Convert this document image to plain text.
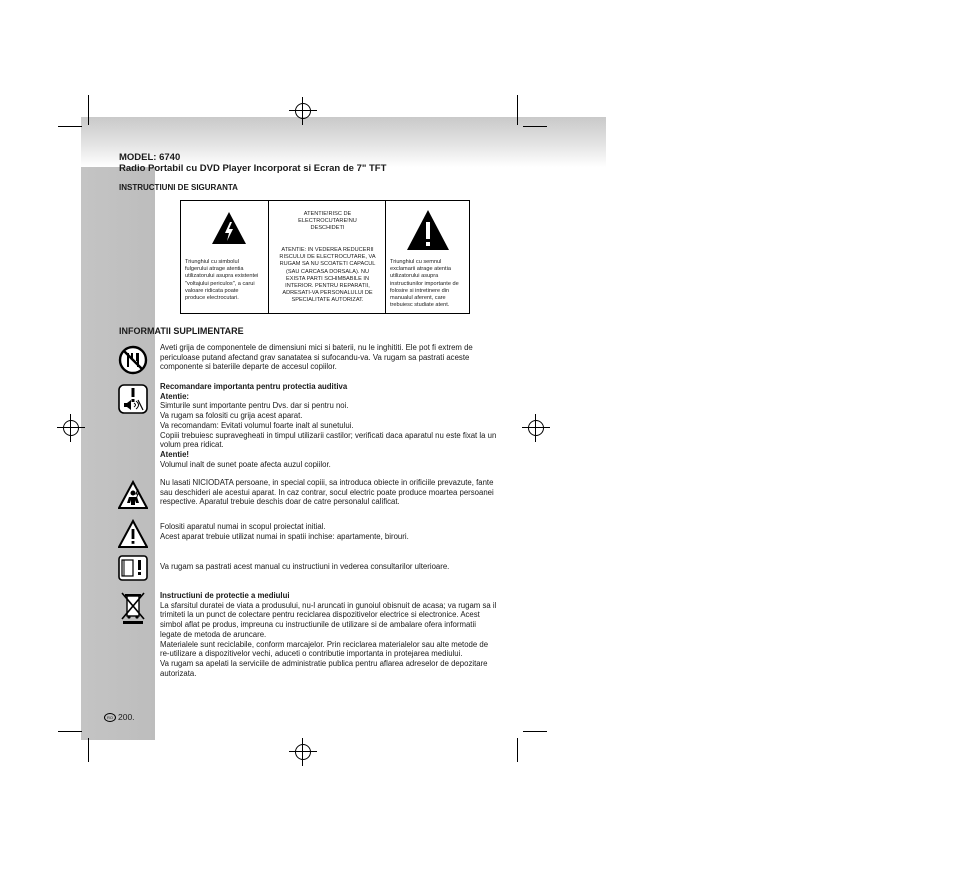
MODEL: 6740
Radio Portabil cu DVD Player Incorporat si Ecran de 7" TFT
INSTRUCTIUNI DE SIGURANTA
Triunghiul cu simbolul
fulgerului atrage atentia
utilizatorului asupra existentei
"voltajului periculos", a carui
valoare ridicata poate
produce electrocutari.
ATENTIE!RISC DE
ELECTROCUTARE!NU
DESCHIDETI
ATENTIE: IN VEDEREA REDUCERII
RISCULUI DE ELECTROCUTARE, VA
RUGAM SA NU SCOATETI CAPACUL
(SAU CARCASA DORSALA). NU
EXISTA PARTI SCHIMBABILE IN
INTERIOR. PENTRU REPARATII,
ADRESATI-VA PERSONALULUI DE
SPECIALITATE AUTORIZAT.
Triunghiul cu semnul
exclamarii atrage atentia
utilizatorului asupra
instructiunilor importante de
folosire si intretinere din
manualul aferent, care
trebuiesc studiate atent.
INFORMATII SUPLIMENTARE
Aveti grija de componentele de dimensiuni mici si baterii, nu le inghititi. Ele pot fi extrem de
periculoase putand afectand grav sanatatea si sufocandu-va. Va rugam sa pastrati aceste
componente si bateriile departe de accesul copiilor.
Recomandare importanta pentru protectia auditiva
Atentie:
Simturile sunt importante pentru Dvs. dar si pentru noi.
Va rugam sa folositi cu grija acest aparat.
Va recomandam: Evitati volumul foarte inalt al sunetului.
Copiii trebuiesc supravegheati in timpul utilizarii castilor; verificati daca aparatul nu este fixat la un
volum prea ridicat.
Atentie!
Volumul inalt de sunet poate afecta auzul copiilor.
Nu lasati NICIODATA persoane, in special copiii, sa introduca obiecte in orificiile prevazute, fante
sau deschideri ale acestui aparat. In caz contrar, socul electric poate produce moartea persoanei
respective. Aparatul trebuie deschis doar de catre personalul calificat.
Folositi aparatul numai in scopul proiectat initial.
Acest aparat trebuie utilizat numai in spatii inchise: apartamente, birouri.
Va rugam sa pastrati acest manual cu instructiuni in vederea consultarilor ulterioare.
Instructiuni de protectie a mediului
La sfarsitul duratei de viata a produsului, nu-l aruncati in gunoiul obisnuit de acasa; va rugam sa il
trimiteti la un punct de colectare pentru reciclarea dispozitivelor electrice si electronice. Acest
simbol aflat pe produs, impreuna cu instructiunile de utilizare si de ambalare ofera informatii
legate de metoda de aruncare.
Materialele sunt reciclabile, conform marcajelor. Prin reciclarea materialelor sau alte metode de
re-utilizare a dispozitivelor vechi, aduceti o contributie importanta in protejarea mediului.
Va rugam sa apelati la serviciile de administratie publica pentru aflarea adreselor de depozitare
autorizata.
RO 200.
